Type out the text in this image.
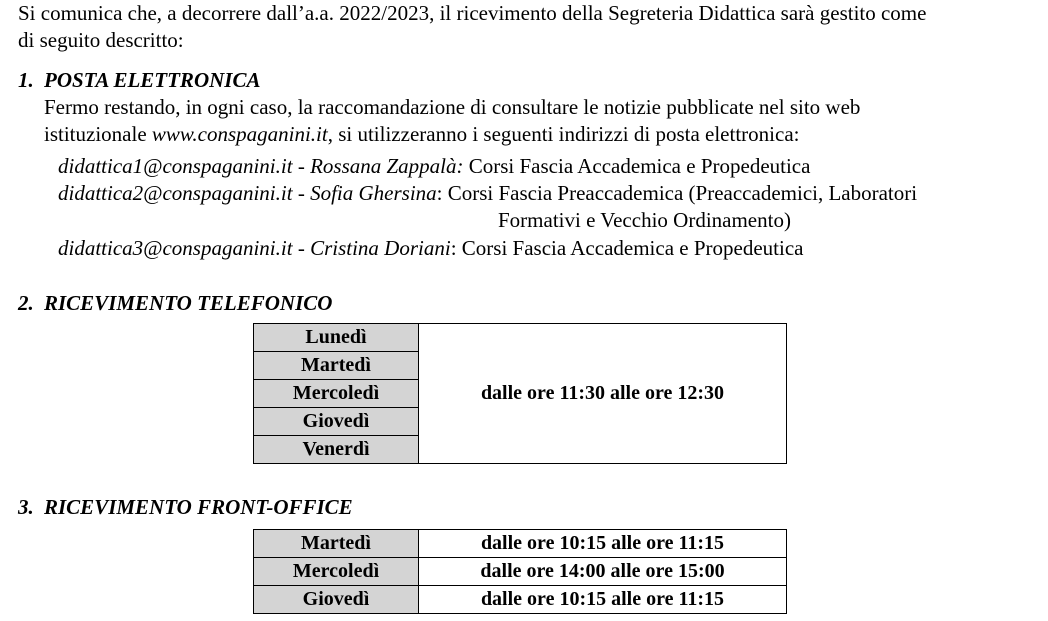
Si comunica che, a decorrere dall’a.a. 2022/2023, il ricevimento della Segreteria Didattica sarà gestito come

di seguito descritto:

1. POSTA ELETTRONICA

Fermo restando, in ogni caso, la raccomandazione di consultare le notizie pubblicate nel sito web

istituzionale www.conspaganini.it, si utilizzeranno i seguenti indirizzi di posta elettronica:

didattica1@conspaganini.it - Rossana Zappalà: Corsi Fascia Accademica e Propedeutica
didattica2@conspaganini.it - Sofia Ghersina: Corsi Fascia Preaccademica (Preaccademici, Laboratori
Formativi e Vecchio Ordinamento)
didattica3@conspaganini.it - Cristina Doriani: Corsi Fascia Accademica e Propedeutica
2. RICEVIMENTO TELEFONICO
Lunedì	dalle ore 11:30 alle ore 12:30
Martedì
Mercoledì
Giovedì
Venerdì
3. RICEVIMENTO FRONT-OFFICE
Martedì	dalle ore 10:15 alle ore 11:15
Mercoledì	dalle ore 14:00 alle ore 15:00
Giovedì	dalle ore 10:15 alle ore 11:15
